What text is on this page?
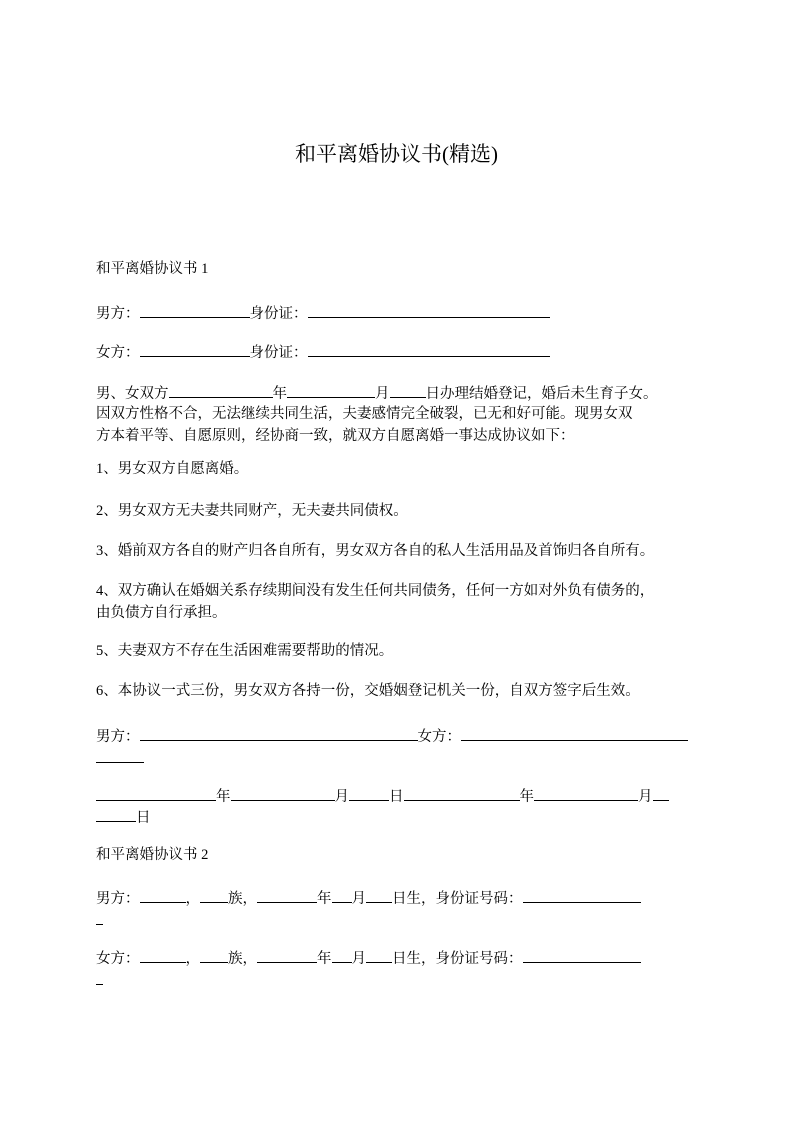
和平离婚协议书(精选)
和平离婚协议书 1
男方：	身份证：
女方：	身份证：
男、女双方	年	月 日办理结婚登记，婚后未生育子女。
因双方性格不合，无法继续共同生活，夫妻感情完全破裂，已无和好可能。现男女双
方本着平等、自愿原则，经协商一致，就双方自愿离婚一事达成协议如下：
1、男女双方自愿离婚。
2、男女双方无夫妻共同财产，无夫妻共同债权。
3、婚前双方各自的财产归各自所有，男女双方各自的私人生活用品及首饰归各自所有。
4、双方确认在婚姻关系存续期间没有发生任何共同债务，任何一方如对外负有债务的，
由负债方自行承担。
5、夫妻双方不存在生活困难需要帮助的情况。
6、本协议一式三份，男女双方各持一份，交婚姻登记机关一份，自双方签字后生效。
男方：	女方：
年	月	日	年	月
日
和平离婚协议书 2
男方：	， 族，	年 月 日生，身份证号码：
女方：	， 族，	年 月 日生，身份证号码：
